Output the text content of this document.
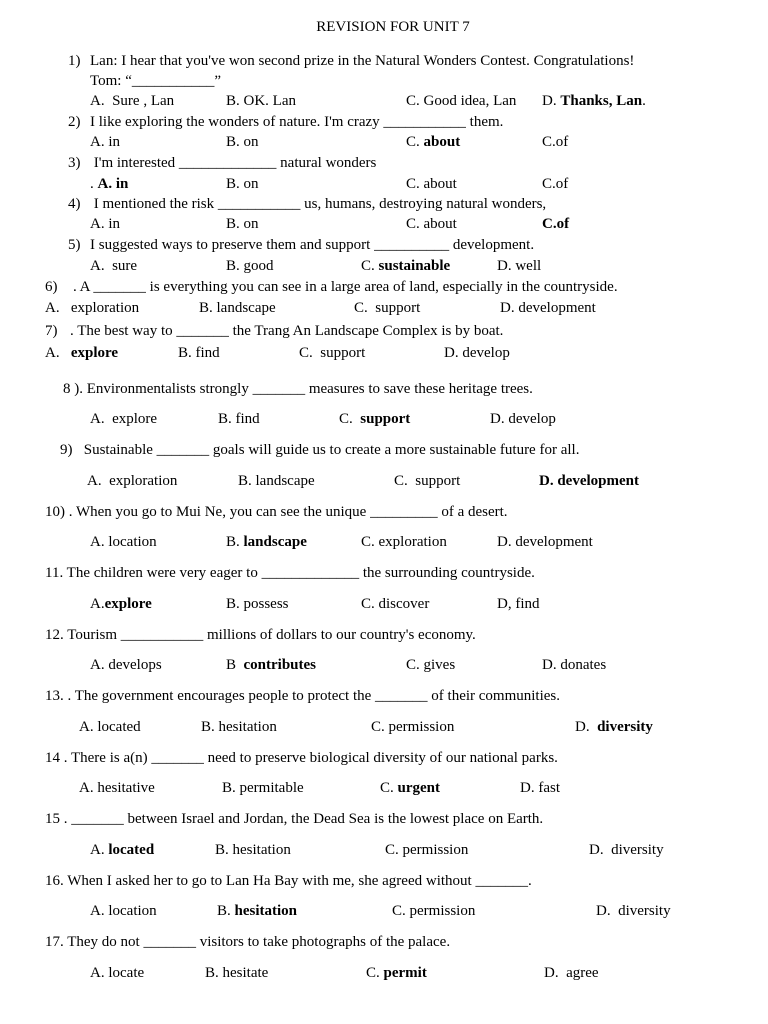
REVISION FOR UNIT 7
1) Lan: I hear that you've won second prize in the Natural Wonders Contest. Congratulations!
Tom: “___________”
A.  Sure , Lan	B. OK. Lan	C. Good idea, Lan D. Thanks, Lan.
2) I like exploring the wonders of nature. I'm crazy ___________ them.
A. in	B. on	C. about	C.of
3) I'm interested _____________ natural wonders
. A. in	B. on	C. about	C.of
4) I mentioned the risk ___________ us, humans, destroying natural wonders,
A. in	B. on	C. about	C.of
5) I suggested ways to preserve them and support __________ development.
A.  sure	B. good	C. sustainable	D. well
6) . A _______ is everything you can see in a large area of land, especially in the countryside.
A.   exploration	B. landscape	C.  support	D. development
7) . The best way to _______ the Trang An Landscape Complex is by boat.
A.   explore	B. find	C.  support	D. develop
8 ). Environmentalists strongly _______ measures to save these heritage trees.
A.  explore	B. find	C.  support	D. develop
9)   Sustainable _______ goals will guide us to create a more sustainable future for all.
A.  exploration	B. landscape	C.  support	D. development
10) . When you go to Mui Ne, you can see the unique _________ of a desert.
A. location	B. landscape	C. exploration	D. development
11. The children were very eager to _____________ the surrounding countryside.
A.explore	B. possess	C. discover	D, find
12. Tourism ___________ millions of dollars to our country's economy.
A. develops	B  contributes	C. gives	D. donates
13. . The government encourages people to protect the _______ of their communities.
A. located	B. hesitation	C. permission	D.  diversity
14 . There is a(n) _______ need to preserve biological diversity of our national parks.
A. hesitative	B. permitable	C. urgent	D. fast
15 . _______ between Israel and Jordan, the Dead Sea is the lowest place on Earth.
A. located	B. hesitation	C. permission	D.  diversity
16. When I asked her to go to Lan Ha Bay with me, she agreed without _______.
A. location	B. hesitation	C. permission	D.  diversity
17. They do not _______ visitors to take photographs of the palace.
A. locate	B. hesitate	C. permit	D.  agree
